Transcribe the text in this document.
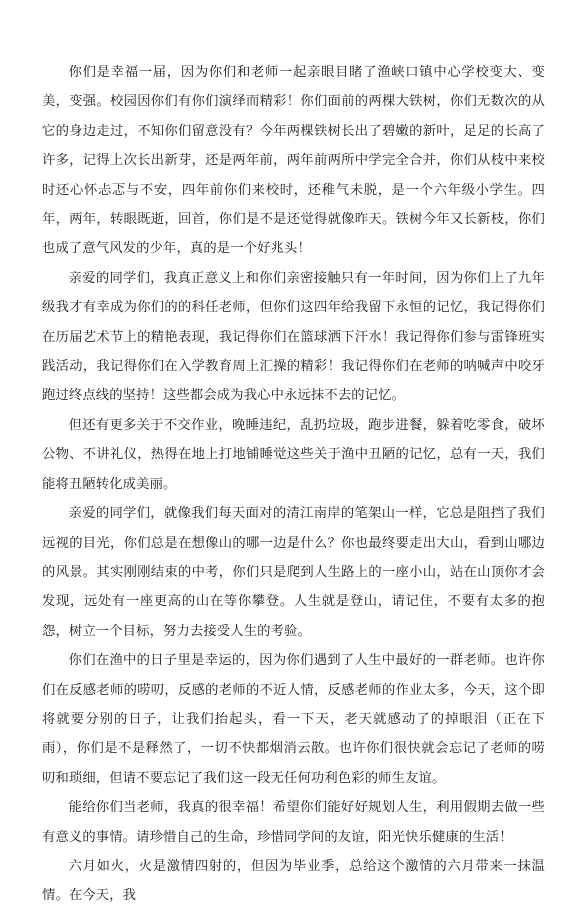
你们是幸福一届，因为你们和老师一起亲眼目睹了渔峡口镇中心学校变大、变美，变强。校园因你们有你们演绎而精彩！你们面前的两棵大铁树，你们无数次的从它的身边走过，不知你们留意没有？今年两棵铁树长出了碧嫩的新叶，足足的长高了许多，记得上次长出新芽，还是两年前，两年前两所中学完全合并，你们从枝中来校时还心怀忐忑与不安，四年前你们来校时，还稚气未脱，是一个六年级小学生。四年，两年，转眼既逝，回首，你们是不是还觉得就像昨天。铁树今年又长新枝，你们也成了意气风发的少年，真的是一个好兆头！

亲爱的同学们，我真正意义上和你们亲密接触只有一年时间，因为你们上了九年级我才有幸成为你们的的科任老师，但你们这四年给我留下永恒的记忆，我记得你们在历届艺术节上的精艳表现，我记得你们在篮球洒下汗水！我记得你们参与雷锋班实践活动，我记得你们在入学教育周上汇操的精彩！我记得你们在老师的呐喊声中咬牙跑过终点线的坚持！这些都会成为我心中永远抹不去的记忆。

但还有更多关于不交作业，晚睡违纪，乱扔垃圾，跑步进餐，躲着吃零食，破坏公物、不讲礼仪，热得在地上打地铺睡觉这些关于渔中丑陋的记忆，总有一天，我们能将丑陋转化成美丽。

亲爱的同学们，就像我们每天面对的清江南岸的笔架山一样，它总是阻挡了我们远视的目光，你们总是在想像山的哪一边是什么？你也最终要走出大山，看到山哪边的风景。其实刚刚结束的中考，你们只是爬到人生路上的一座小山，站在山顶你才会发现，远处有一座更高的山在等你攀登。人生就是登山，请记住，不要有太多的抱怨，树立一个目标，努力去接受人生的考验。

你们在渔中的日子里是幸运的，因为你们遇到了人生中最好的一群老师。也许你们在反感老师的唠叨，反感的老师的不近人情，反感老师的作业太多，今天，这个即将就要分别的日子，让我们抬起头，看一下天，老天就感动了的掉眼泪（正在下雨），你们是不是释然了，一切不快都烟消云散。也许你们很快就会忘记了老师的唠叨和琐细，但请不要忘记了我们这一段无任何功利色彩的师生友谊。

能给你们当老师，我真的很幸福！希望你们能好好规划人生，利用假期去做一些有意义的事情。请珍惜自己的生命，珍惜同学间的友谊，阳光快乐健康的生活！

六月如火，火是激情四射的，但因为毕业季，总给这个激情的六月带来一抹温情。在今天，我
